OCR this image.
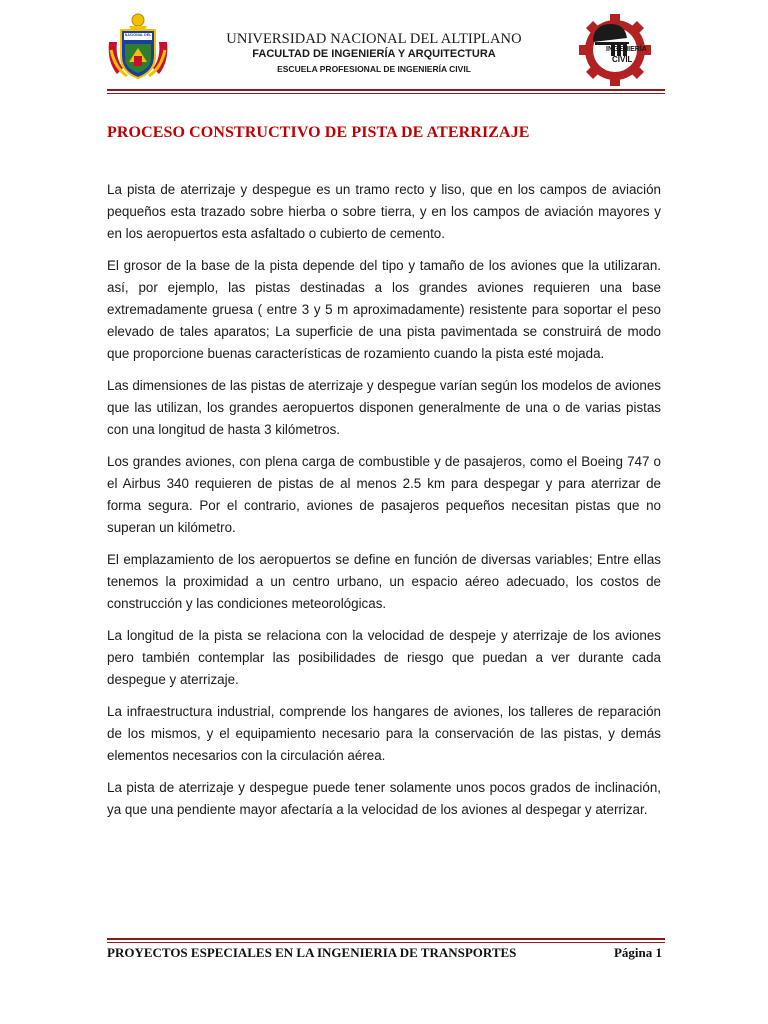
NACIONAL DEL	UNIVERSIDAD NACIONAL DEL ALTIPLANO
FACULTAD DE INGENIERÍA Y ARQUITECTURA
ESCUELA PROFESIONAL DE INGENIERÍA CIVIL
INGENIERÍA
CIVIL
PROCESO CONSTRUCTIVO DE PISTA DE ATERRIZAJE

La pista de aterrizaje y despegue es un tramo recto y liso, que en los campos de aviación pequeños esta trazado sobre hierba o sobre tierra, y en los campos de aviación mayores y en los aeropuertos esta asfaltado o cubierto de cemento.

El grosor de la base de la pista depende del tipo y tamaño de los aviones que la utilizaran. así, por ejemplo, las pistas destinadas a los grandes aviones requieren una base extremadamente gruesa ( entre 3 y 5 m aproximadamente) resistente para soportar el peso elevado de tales aparatos; La superficie de una pista pavimentada se construirá de modo que proporcione buenas características de rozamiento cuando la pista esté mojada.

Las dimensiones de las pistas de aterrizaje y despegue varían según los modelos de aviones que las utilizan, los grandes aeropuertos disponen generalmente de una o de varias pistas con una longitud de hasta 3 kilómetros.

Los grandes aviones, con plena carga de combustible y de pasajeros, como el Boeing 747 o el Airbus 340 requieren de pistas de al menos 2.5 km para despegar y para aterrizar de forma segura. Por el contrario, aviones de pasajeros pequeños necesitan pistas que no superan un kilómetro.

El emplazamiento de los aeropuertos se define en función de diversas variables; Entre ellas tenemos la proximidad a un centro urbano, un espacio aéreo adecuado, los costos de construcción y las condiciones meteorológicas.

La longitud de la pista se relaciona con la velocidad de despeje y aterrizaje de los aviones pero también contemplar las posibilidades de riesgo que puedan a ver durante cada despegue y aterrizaje.

La infraestructura industrial, comprende los hangares de aviones, los talleres de reparación de los mismos, y el equipamiento necesario para la conservación de las pistas, y demás elementos necesarios con la circulación aérea.

La pista de aterrizaje y despegue puede tener solamente unos pocos grados de inclinación, ya que una pendiente mayor afectaría a la velocidad de los aviones al despegar y aterrizar.

PROYECTOS ESPECIALES EN LA INGENIERIA DE TRANSPORTES	Página 1
